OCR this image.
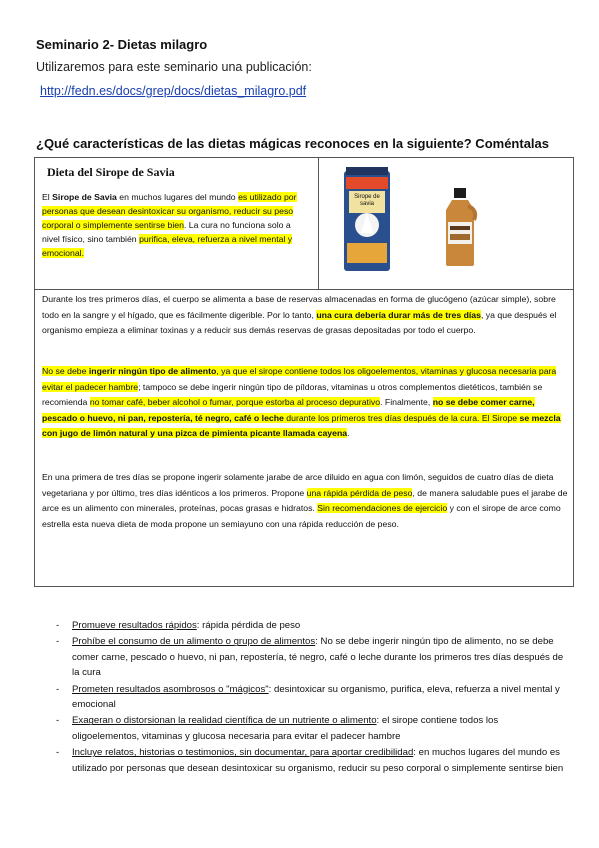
Seminario 2- Dietas milagro
Utilizaremos para este seminario una publicación:
http://fedn.es/docs/grep/docs/dietas_milagro.pdf
¿Qué características de las dietas mágicas reconoces en la siguiente? Coméntalas
Dieta del Sirope de Savia
El Sirope de Savia en muchos lugares del mundo es utilizado por personas que desean desintoxicar su organismo, reducir su peso corporal o simplemente sentirse bien. La cura no funciona solo a nivel físico, sino también purifica, eleva, refuerza a nivel mental y emocional.
Sirope de savia
Durante los tres primeros días, el cuerpo se alimenta a base de reservas almacenadas en forma de glucógeno (azúcar simple), sobre todo en la sangre y el hígado, que es fácilmente digerible. Por lo tanto, una cura debería durar más de tres días, ya que después el organismo empieza a eliminar toxinas y a reducir sus demás reservas de grasas depositadas por todo el cuerpo.
No se debe ingerir ningún tipo de alimento, ya que el sirope contiene todos los oligoelementos, vitaminas y glucosa necesaria para evitar el padecer hambre; tampoco se debe ingerir ningún tipo de píldoras, vitaminas u otros complementos dietéticos, también se recomienda no tomar café, beber alcohol o fumar, porque estorba al proceso depurativo. Finalmente, no se debe comer carne, pescado o huevo, ni pan, repostería, té negro, café o leche durante los primeros tres días después de la cura. El Sirope se mezcla con jugo de limón natural y una pizca de pimienta picante llamada cayena.
En una primera de tres días se propone ingerir solamente jarabe de arce diluido en agua con limón, seguidos de cuatro días de dieta vegetariana y por último, tres días idénticos a los primeros. Propone una rápida pérdida de peso, de manera saludable pues el jarabe de arce es un alimento con minerales, proteínas, pocas grasas e hidratos. Sin recomendaciones de ejercicio y con el sirope de arce como estrella esta nueva dieta de moda propone un semiayuno con una rápida reducción de peso.
- Promueve resultados rápidos: rápida pérdida de peso
- Prohíbe el consumo de un alimento o grupo de alimentos: No se debe ingerir ningún tipo de alimento, no se debe comer carne, pescado o huevo, ni pan, repostería, té negro, café o leche durante los primeros tres días después de la cura
- Prometen resultados asombrosos o "mágicos": desintoxicar su organismo, purifica, eleva, refuerza a nivel mental y emocional
- Exageran o distorsionan la realidad científica de un nutriente o alimento: el sirope contiene todos los oligoelementos, vitaminas y glucosa necesaria para evitar el padecer hambre
- Incluye relatos, historias o testimonios, sin documentar, para aportar credibilidad: en muchos lugares del mundo es utilizado por personas que desean desintoxicar su organismo, reducir su peso corporal o simplemente sentirse bien
